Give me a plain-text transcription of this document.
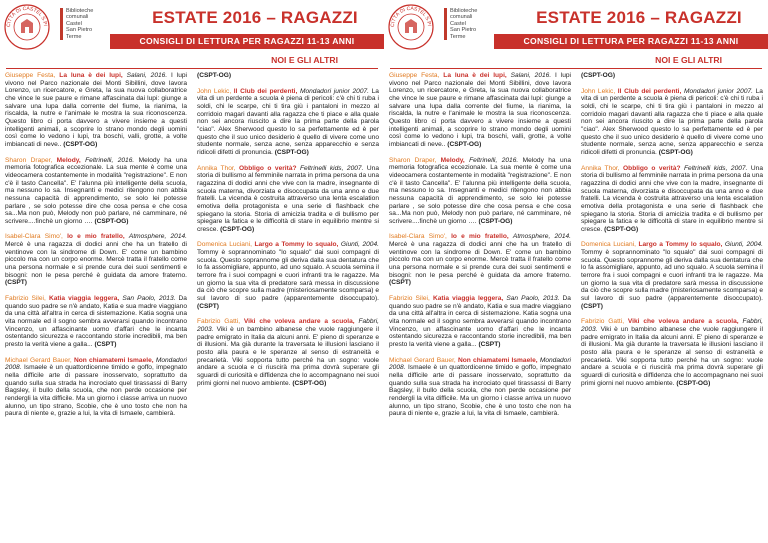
CITTÀ DI CASTEL S.PI
Biblioteche
comunali
Castel
San Pietro
Terme
ESTATE 2016 – RAGAZZI
CONSIGLI DI LETTURA PER RAGAZZI 11-13 ANNI
NOI E GLI ALTRI

Giuseppe Festa, La luna è dei lupi, Salani, 2016. I lupi vivono nel Parco nazionale dei Monti Sibillini, dove lavora Lorenzo, un ricercatore, e Greta, la sua nuova collaboratrice che vince le sue paure e rimane affascinata dai lupi: giunge a salvare una lupa dalla corrente del fiume, la rianima, la riscalda, la nutre e l'animale le mostra la sua riconoscenza. Questo libro ci porta davvero a vivere insieme a questi intelligenti animali, a scoprire lo strano mondo degli uomini così come lo vedono i lupi, tra boschi, valli, grotte, a volte imbiancati di neve.. (CSPT-OG)

Sharon Draper, Melody, Feltrinelli, 2016. Melody ha una memoria fotografica eccezionale. La sua mente è come una videocamera costantemente in modalità "registrazione". E non c'è il tasto Cancella". E' l'alunna più intelligente della scuola, ma nessuno lo sa. Insegnanti e medici ritengono non abbia nessuna capacità di apprendimento, se solo lei potesse parlare , se solo potesse dire che cosa pensa e che cosa sa...Ma non può, Melody non può parlare, né camminare, né scrivere....finchè un giorno …. (CSPT-OG)

Isabel-Clara Simo', Io e mio fratello, Atmosphere, 2014. Mercè è una ragazza di dodici anni che ha un fratello di ventinove con la sindrome di Down. E' come un bambino piccolo ma con un corpo enorme. Mercè tratta il fratello come una persona normale e si prende cura dei suoi sentimenti e bisogni: non le pesa perché è guidata da amore fraterno. (CSPT)

Fabrizio Silei, Katia viaggia leggera, San Paolo, 2013. Da quando suo padre se n'è andato, Katia e sua madre viaggiano da una città all'altra in cerca di sistemazione. Katia sogna una vita normale ed il sogno sembra avverarsi quando incontrano Vincenzo, un affascinante uomo d'affari che le incanta ostentando sicurezza e raccontando storie incredibili, ma ben presto la verità viene a galla... (CSPT)

Michael Gerard Bauer, Non chiamatemi Ismaele, Mondadori 2008. Ismaele è un quattordicenne timido e goffo, impegnato nella difficile arte di passare inosservato, soprattutto da quando sulla sua strada ha incrociato quel tirassassi di Barry Bagsley, il bullo della scuola, che non perde occasione per rendergli la vita difficile. Ma un giorno i classe arriva un nuovo alunno, un tipo strano, Scobie, che è uno tosto che non ha paura di niente e, grazie a lui, la vita di Ismaele, cambierà.

(CSPT-OG)

John Lekic, Il Club dei perdenti, Mondadori junior 2007. La vita di un perdente a scuola è piena di pericoli: c'è chi ti ruba i soldi, chi le scarpe, chi ti tira giù i pantaloni in mezzo al corridoio magari davanti alla ragazza che ti piace e alla quale non sei ancora riuscito a dire la prima parte della parola "ciao". Alex Sherwood questo lo sa perfettamente ed è per questo che il suo unico desiderio è quello di vivere come uno studente normale, senza acne, senza apparecchio e senza ridicoli difetti di pronuncia. (CSPT-OG)

Annika Thor, Obbligo o verità? Feltrinelli kids, 2007. Una storia di bullismo al femminile narrata in prima persona da una ragazzina di dodici anni che vive con la madre, insegnante di scuola materna, divorziata e disoccupata da una anno e due fratelli. La vicenda è costruita attraverso una lenta escalation emotiva della protagonista e una serie di flashback che spiegano la storia. Storia di amicizia tradita e di bullismo per spiegare la fatica e le difficoltà di stare in equilibrio mentre si cresce. (CSPT-OG)

Domenica Luciani, Largo a Tommy lo squalo, Giunti, 2004. Tommy è soprannominato "lo squalo" dai suoi compagni di scuola. Questo soprannome gli deriva dalla sua dentatura che lo fa assomigliare, appunto, ad uno squalo. A scuola semina il terrore fra i suoi compagni e cuori infranti tra le ragazze. Ma un giorno la sua vita di predatore sarà messa in discussione da ciò che scopre sulla madre (misteriosamente scomparsa) e sul lavoro di suo padre (apparentemente disoccupato). (CSPT)

Fabrizio Gatti, Viki che voleva andare a scuola, Fabbri, 2003. Viki è un bambino albanese che vuole raggiungere il padre emigrato in Italia da alcuni anni. E' pieno di speranze e di illusioni. Ma già durante la traversata le illusioni lasciano il posto alla paura e le speranze al senso di estraneità e precarietà. Viki sopporta tutto perché ha un sogno: vuole andare a scuola e ci riuscirà ma prima dovrà superare gli sguardi di curiosità e diffidenza che lo accompagnano nei suoi primi giorni nel nuovo ambiente. (CSPT-OG)

CITTÀ DI CASTEL S.PI
Biblioteche
comunali
Castel
San Pietro
Terme
ESTATE 2016 – RAGAZZI
CONSIGLI DI LETTURA PER RAGAZZI 11-13 ANNI
NOI E GLI ALTRI

Giuseppe Festa, La luna è dei lupi, Salani, 2016. I lupi vivono nel Parco nazionale dei Monti Sibillini, dove lavora Lorenzo, un ricercatore, e Greta, la sua nuova collaboratrice che vince le sue paure e rimane affascinata dai lupi: giunge a salvare una lupa dalla corrente del fiume, la rianima, la riscalda, la nutre e l'animale le mostra la sua riconoscenza. Questo libro ci porta davvero a vivere insieme a questi intelligenti animali, a scoprire lo strano mondo degli uomini così come lo vedono i lupi, tra boschi, valli, grotte, a volte imbiancati di neve.. (CSPT-OG)

Sharon Draper, Melody, Feltrinelli, 2016. Melody ha una memoria fotografica eccezionale. La sua mente è come una videocamera costantemente in modalità "registrazione". E non c'è il tasto Cancella". E' l'alunna più intelligente della scuola, ma nessuno lo sa. Insegnanti e medici ritengono non abbia nessuna capacità di apprendimento, se solo lei potesse parlare , se solo potesse dire che cosa pensa e che cosa sa...Ma non può, Melody non può parlare, né camminare, né scrivere....finchè un giorno …. (CSPT-OG)

Isabel-Clara Simo', Io e mio fratello, Atmosphere, 2014. Mercè è una ragazza di dodici anni che ha un fratello di ventinove con la sindrome di Down. E' come un bambino piccolo ma con un corpo enorme. Mercè tratta il fratello come una persona normale e si prende cura dei suoi sentimenti e bisogni: non le pesa perché è guidata da amore fraterno. (CSPT)

Fabrizio Silei, Katia viaggia leggera, San Paolo, 2013. Da quando suo padre se n'è andato, Katia e sua madre viaggiano da una città all'altra in cerca di sistemazione. Katia sogna una vita normale ed il sogno sembra avverarsi quando incontrano Vincenzo, un affascinante uomo d'affari che le incanta ostentando sicurezza e raccontando storie incredibili, ma ben presto la verità viene a galla... (CSPT)

Michael Gerard Bauer, Non chiamatemi Ismaele, Mondadori 2008. Ismaele è un quattordicenne timido e goffo, impegnato nella difficile arte di passare inosservato, soprattutto da quando sulla sua strada ha incrociato quel tirassassi di Barry Bagsley, il bullo della scuola, che non perde occasione per rendergli la vita difficile. Ma un giorno i classe arriva un nuovo alunno, un tipo strano, Scobie, che è uno tosto che non ha paura di niente e, grazie a lui, la vita di Ismaele, cambierà.

(CSPT-OG)

John Lekic, Il Club dei perdenti, Mondadori junior 2007. La vita di un perdente a scuola è piena di pericoli: c'è chi ti ruba i soldi, chi le scarpe, chi ti tira giù i pantaloni in mezzo al corridoio magari davanti alla ragazza che ti piace e alla quale non sei ancora riuscito a dire la prima parte della parola "ciao". Alex Sherwood questo lo sa perfettamente ed è per questo che il suo unico desiderio è quello di vivere come uno studente normale, senza acne, senza apparecchio e senza ridicoli difetti di pronuncia. (CSPT-OG)

Annika Thor, Obbligo o verità? Feltrinelli kids, 2007. Una storia di bullismo al femminile narrata in prima persona da una ragazzina di dodici anni che vive con la madre, insegnante di scuola materna, divorziata e disoccupata da una anno e due fratelli. La vicenda è costruita attraverso una lenta escalation emotiva della protagonista e una serie di flashback che spiegano la storia. Storia di amicizia tradita e di bullismo per spiegare la fatica e le difficoltà di stare in equilibrio mentre si cresce. (CSPT-OG)

Domenica Luciani, Largo a Tommy lo squalo, Giunti, 2004. Tommy è soprannominato "lo squalo" dai suoi compagni di scuola. Questo soprannome gli deriva dalla sua dentatura che lo fa assomigliare, appunto, ad uno squalo. A scuola semina il terrore fra i suoi compagni e cuori infranti tra le ragazze. Ma un giorno la sua vita di predatore sarà messa in discussione da ciò che scopre sulla madre (misteriosamente scomparsa) e sul lavoro di suo padre (apparentemente disoccupato). (CSPT)

Fabrizio Gatti, Viki che voleva andare a scuola, Fabbri, 2003. Viki è un bambino albanese che vuole raggiungere il padre emigrato in Italia da alcuni anni. E' pieno di speranze e di illusioni. Ma già durante la traversata le illusioni lasciano il posto alla paura e le speranze al senso di estraneità e precarietà. Viki sopporta tutto perché ha un sogno: vuole andare a scuola e ci riuscirà ma prima dovrà superare gli sguardi di curiosità e diffidenza che lo accompagnano nei suoi primi giorni nel nuovo ambiente. (CSPT-OG)
